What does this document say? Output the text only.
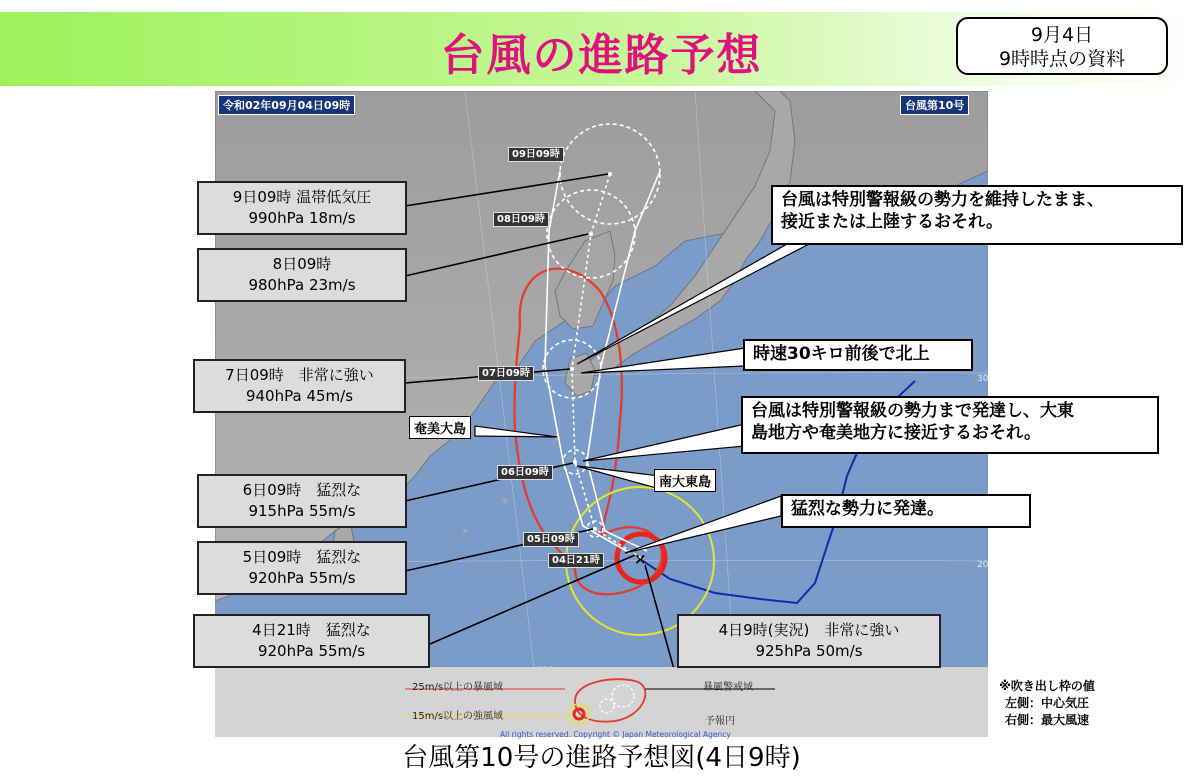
台風の進路予想	9月4日
9時時点の資料
30
20
×
令和02年09月04日09時	台風第10号
09日09時
08日09時
07日09時
06日09時
05日09時
04日21時
奄美大島
南大東島
台風は特別警報級の勢力を維持したまま、
接近または上陸するおそれ。
時速30キロ前後で北上
台風は特別警報級の勢力まで発達し、大東
島地方や奄美地方に接近するおそれ。
猛烈な勢力に発達。
9日09時 温帯低気圧
990hPa 18m/s
8日09時
980hPa 23m/s
7日09時　非常に強い
940hPa 45m/s
6日09時　猛烈な
915hPa 55m/s
5日09時　猛烈な
920hPa 55m/s
4日21時　猛烈な
920hPa 55m/s
4日9時(実況)　非常に強い
925hPa 50m/s
25m/s以上の暴風域
15m/s以上の強風域
暴風警戒域
予報円
All rights reserved. Copyright © Japan Meteorological Agency
※吹き出し枠の値
左側：中心気圧
右側：最大風速
台風第10号の進路予想図(4日9時)
